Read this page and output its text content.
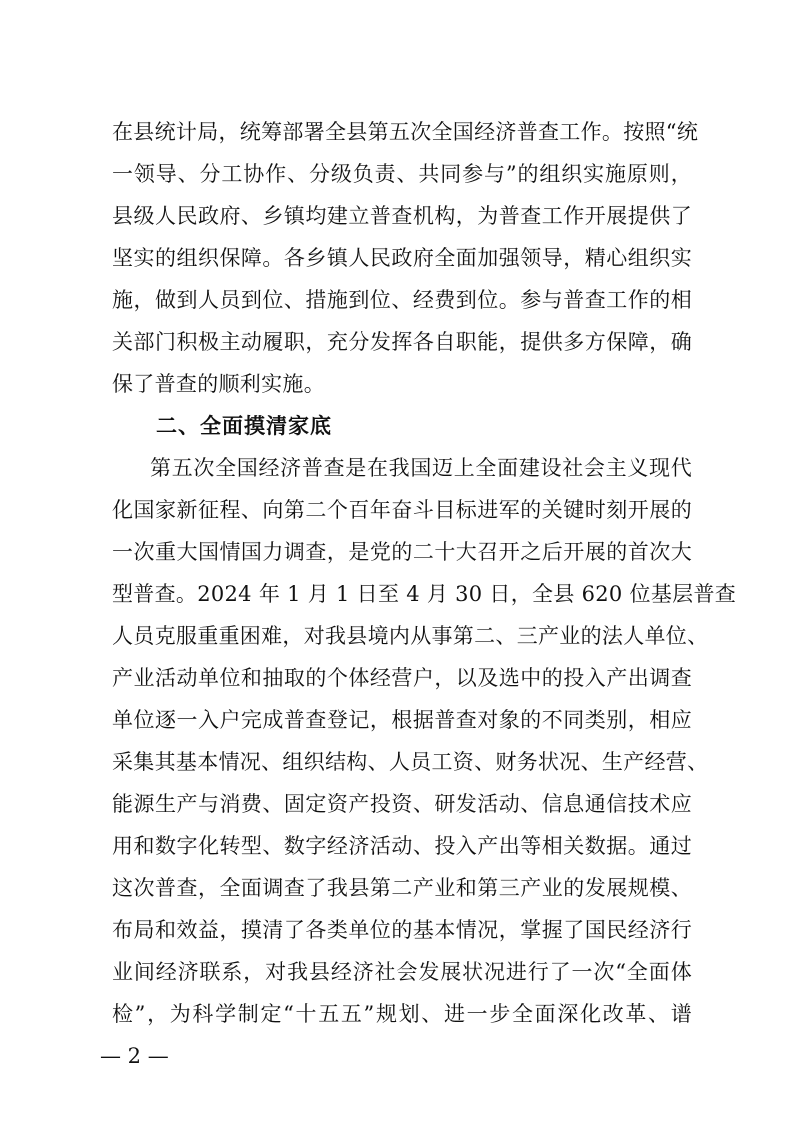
在县统计局，统筹部署全县第五次全国经济普查工作。按照“统
一领导、分工协作、分级负责、共同参与”的组织实施原则，
县级人民政府、乡镇均建立普查机构，为普查工作开展提供了
坚实的组织保障。各乡镇人民政府全面加强领导，精心组织实
施，做到人员到位、措施到位、经费到位。参与普查工作的相
关部门积极主动履职，充分发挥各自职能，提供多方保障，确
保了普查的顺利实施。
二、全面摸清家底
第五次全国经济普查是在我国迈上全面建设社会主义现代
化国家新征程、向第二个百年奋斗目标进军的关键时刻开展的
一次重大国情国力调查，是党的二十大召开之后开展的首次大
型普查。2024 年 1 月 1 日至 4 月 30 日，全县 620 位基层普查
人员克服重重困难，对我县境内从事第二、三产业的法人单位、
产业活动单位和抽取的个体经营户，以及选中的投入产出调查
单位逐一入户完成普查登记，根据普查对象的不同类别，相应
采集其基本情况、组织结构、人员工资、财务状况、生产经营、
能源生产与消费、固定资产投资、研发活动、信息通信技术应
用和数字化转型、数字经济活动、投入产出等相关数据。通过
这次普查，全面调查了我县第二产业和第三产业的发展规模、
布局和效益，摸清了各类单位的基本情况，掌握了国民经济行
业间经济联系，对我县经济社会发展状况进行了一次“全面体
检”，为科学制定“十五五”规划、进一步全面深化改革、谱
— 2 —
